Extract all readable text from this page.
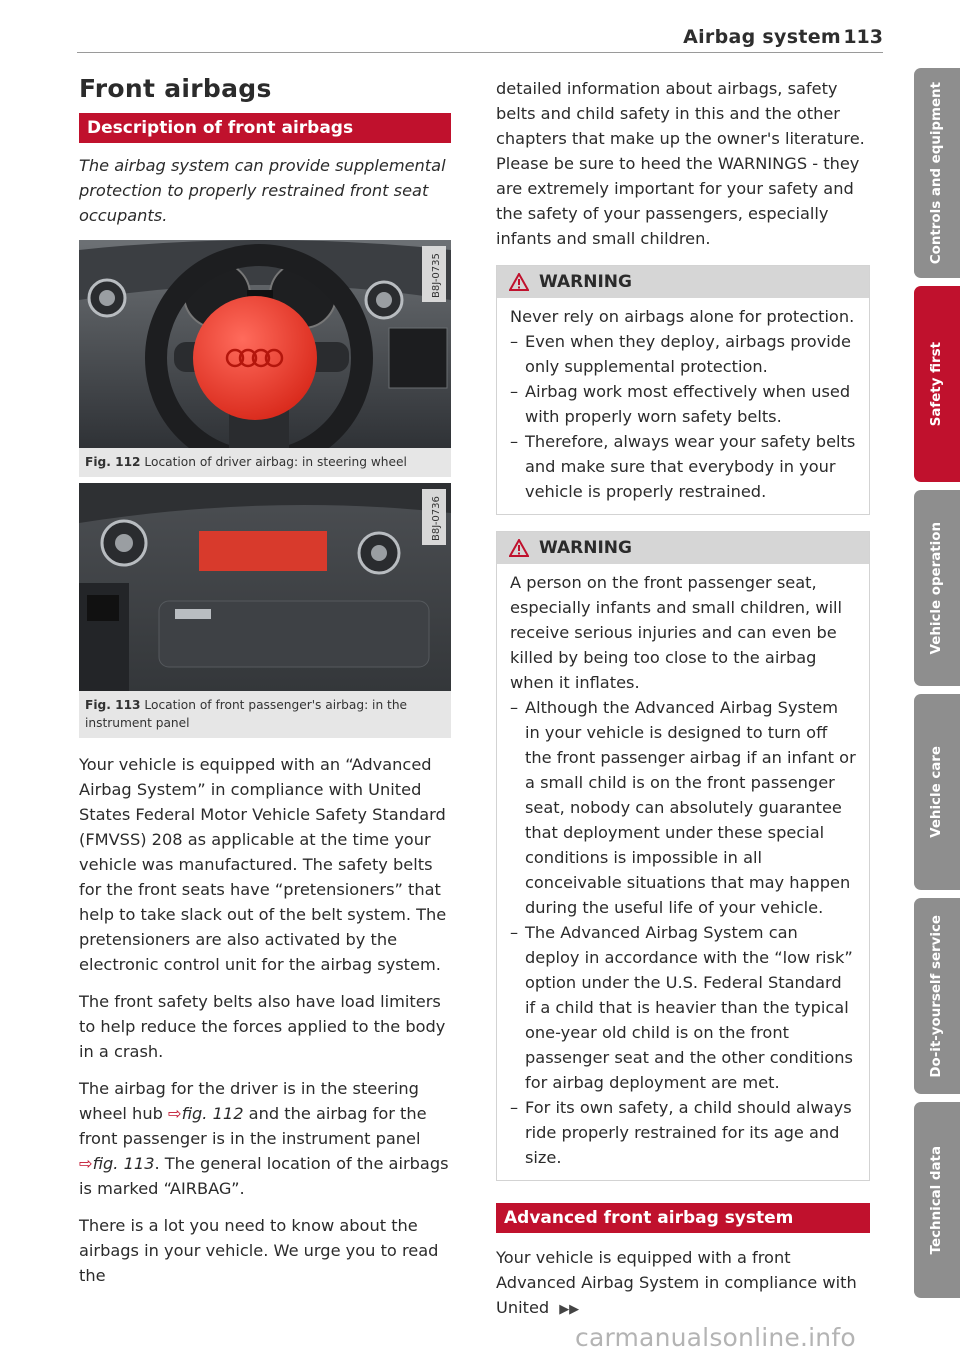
Airbag system 113
Front airbags
Description of front airbags
The airbag system can provide supplemental protection to properly restrained front seat occupants.
B8J-0735
Fig. 112 Location of driver airbag: in steering wheel
B8J-0736
Fig. 113 Location of front passenger's airbag: in the instrument panel

Your vehicle is equipped with an “Advanced Airbag System” in compliance with United States Federal Motor Vehicle Safety Standard (FMVSS) 208 as applicable at the time your vehicle was manufactured. The safety belts for the front seats have “pretensioners” that help to take slack out of the belt system. The pretensioners are also activated by the electronic control unit for the airbag system.

The front safety belts also have load limiters to help reduce the forces applied to the body in a crash.

The airbag for the driver is in the steering wheel hub ⇨fig. 112 and the airbag for the front passenger is in the instrument panel ⇨fig. 113. The general location of the airbags is marked “AIRBAG”.

There is a lot you need to know about the airbags in your vehicle. We urge you to read the

detailed information about airbags, safety belts and child safety in this and the other chapters that make up the owner's literature. Please be sure to heed the WARNINGS - they are extremely important for your safety and the safety of your passengers, especially infants and small children.

WARNING

Never rely on airbags alone for protection.

– Even when they deploy, airbags provide only supplemental protection.
– Airbag work most effectively when used with properly worn safety belts.
– Therefore, always wear your safety belts and make sure that everybody in your vehicle is properly restrained.
WARNING

A person on the front passenger seat, especially infants and small children, will receive serious injuries and can even be killed by being too close to the airbag when it inflates.

– Although the Advanced Airbag System in your vehicle is designed to turn off the front passenger airbag if an infant or a small child is on the front passenger seat, nobody can absolutely guarantee that deployment under these special conditions is impossible in all conceivable situations that may happen during the useful life of your vehicle.
– The Advanced Airbag System can deploy in accordance with the “low risk” option under the U.S. Federal Standard if a child that is heavier than the typical one-year old child is on the front passenger seat and the other conditions for airbag deployment are met.
– For its own safety, a child should always ride properly restrained for its age and size.
Advanced front airbag system

Your vehicle is equipped with a front Advanced Airbag System in compliance with United ▶▶

Controls and equipment
Safety first
Vehicle operation
Vehicle care
Do-it-yourself service
Technical data
carmanualsonline.info
